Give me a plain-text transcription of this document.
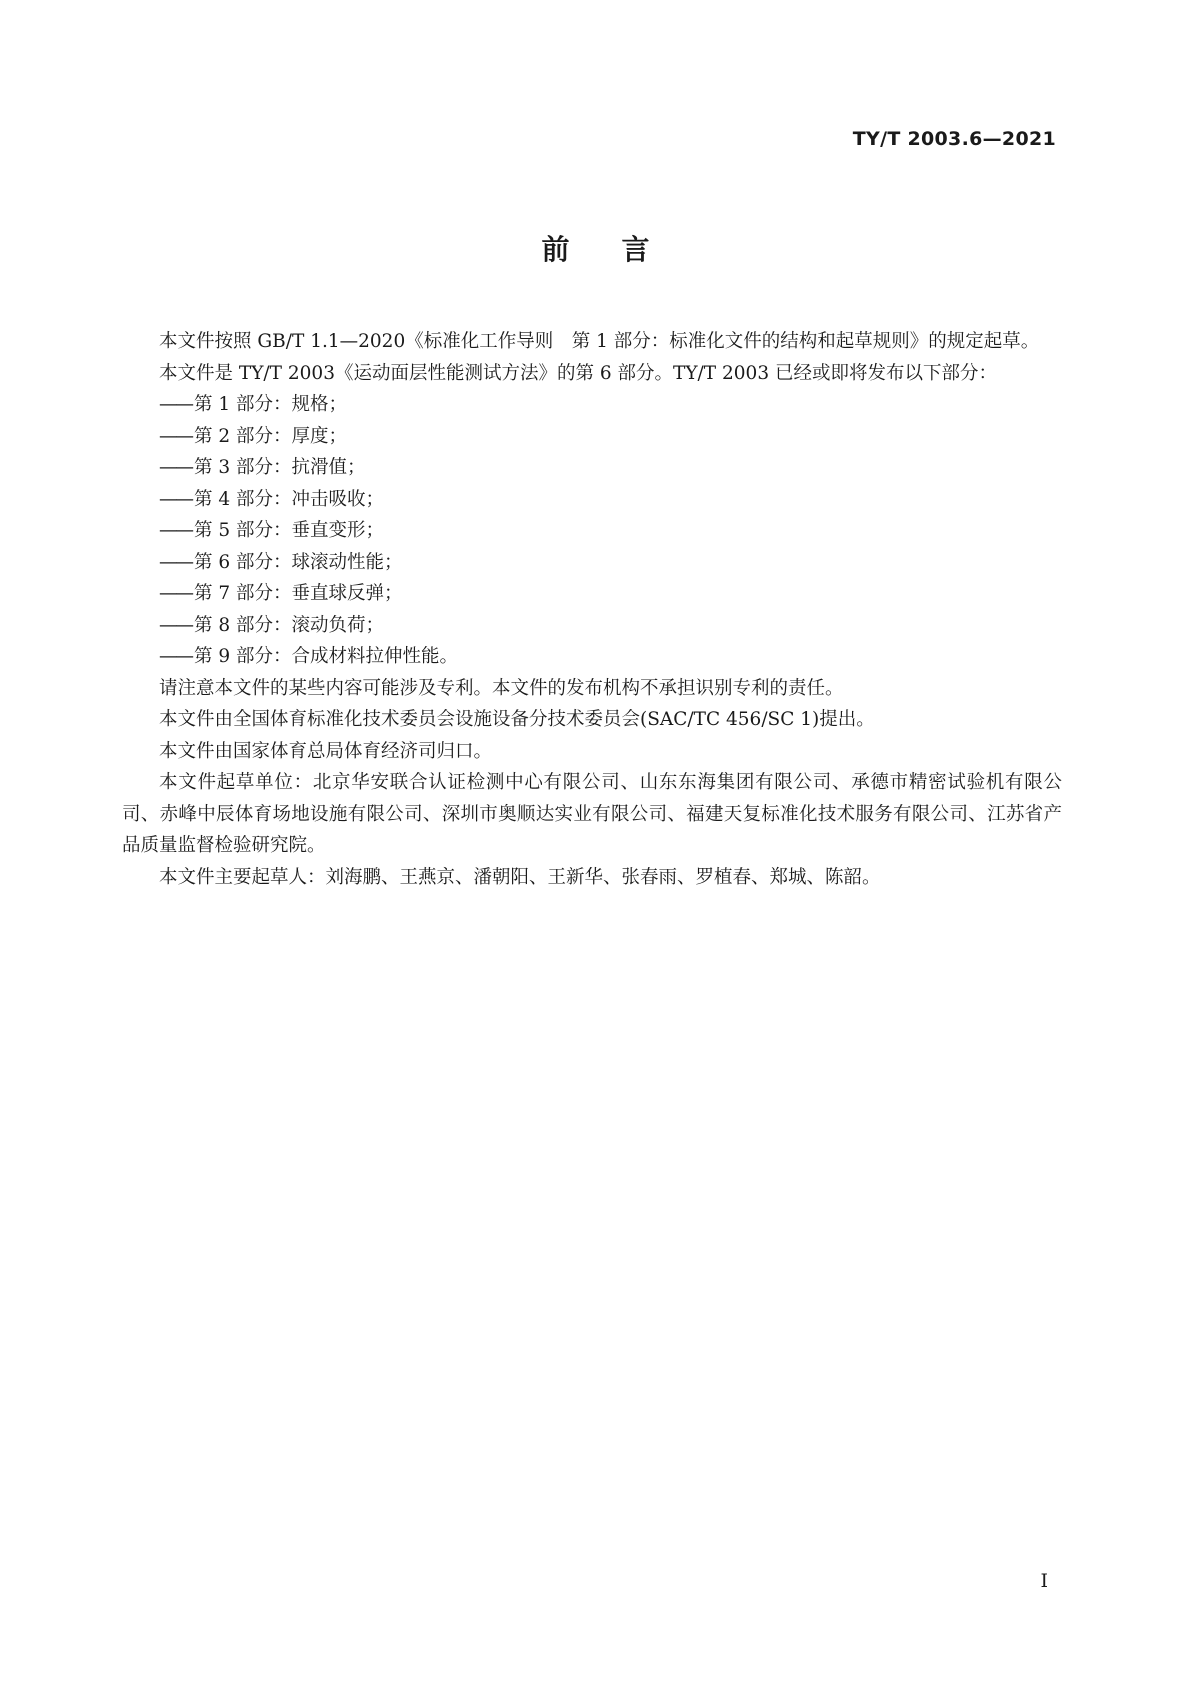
TY/T 2003.6—2021
前言

本文件按照 GB/T 1.1—2020《标准化工作导则　第 1 部分：标准化文件的结构和起草规则》的规定起草。

本文件是 TY/T 2003《运动面层性能测试方法》的第 6 部分。TY/T 2003 已经或即将发布以下部分：

—— 第 1 部分：规格；

—— 第 2 部分：厚度；

—— 第 3 部分：抗滑值；

—— 第 4 部分：冲击吸收；

—— 第 5 部分：垂直变形；

—— 第 6 部分：球滚动性能；

—— 第 7 部分：垂直球反弹；

—— 第 8 部分：滚动负荷；

—— 第 9 部分：合成材料拉伸性能。

请注意本文件的某些内容可能涉及专利。本文件的发布机构不承担识别专利的责任。

本文件由全国体育标准化技术委员会设施设备分技术委员会(SAC/TC 456/SC 1)提出。

本文件由国家体育总局体育经济司归口。

本文件起草单位：北京华安联合认证检测中心有限公司、山东东海集团有限公司、承德市精密试验机有限公司、赤峰中辰体育场地设施有限公司、深圳市奥顺达实业有限公司、福建天复标准化技术服务有限公司、江苏省产品质量监督检验研究院。

本文件主要起草人：刘海鹏、王燕京、潘朝阳、王新华、张春雨、罗植春、郑城、陈韶。

I
